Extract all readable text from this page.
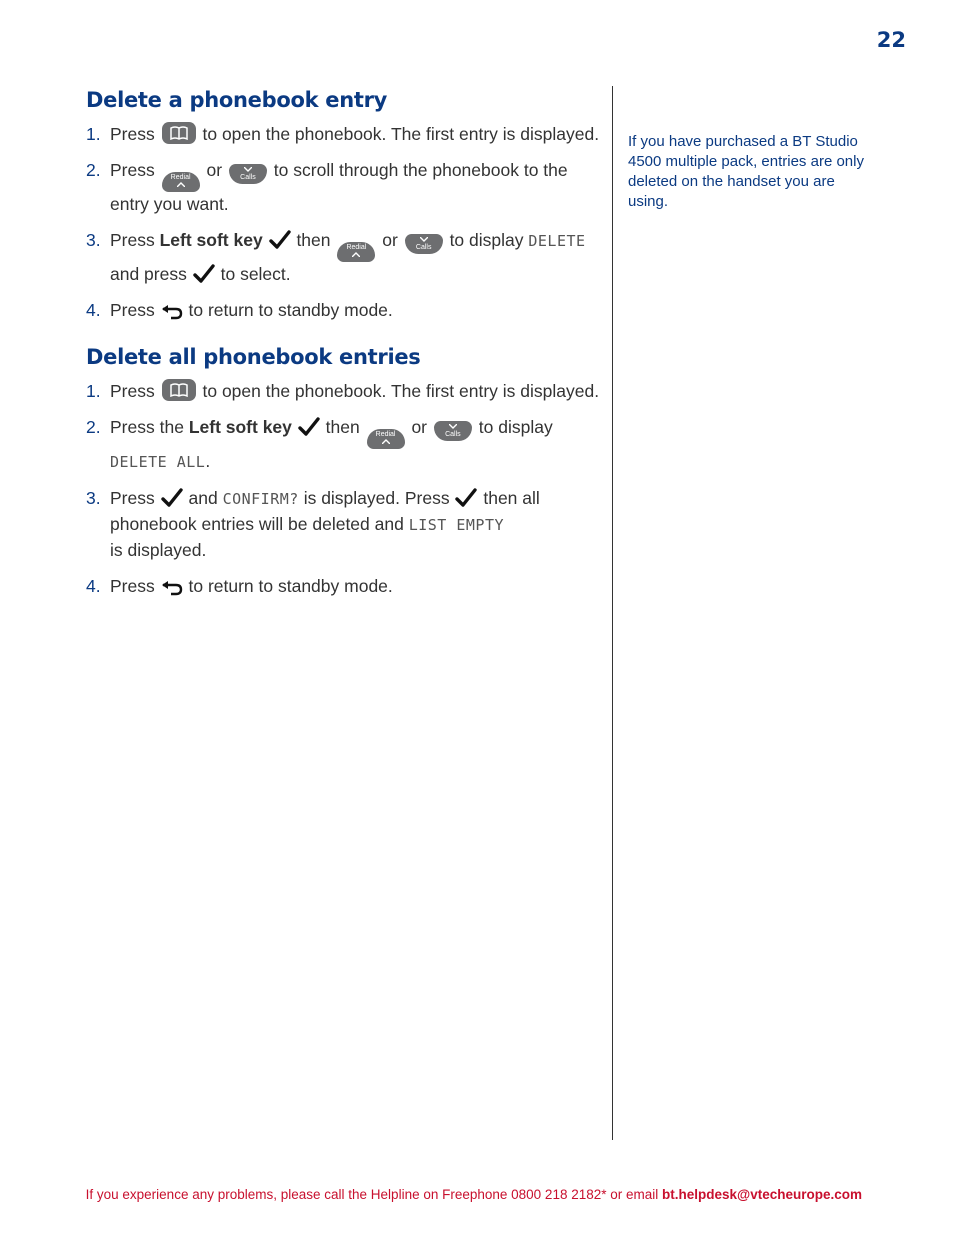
22
Delete a phonebook entry
1. Press	to open the phonebook. The first entry is displayed.
2. Press	Redial or	Calls	to scroll through the phonebook to the entry you want.
3. Press Left soft key then	Redial or	Calls	to display DELETE and press to select.
4. Press to return to standby mode.
Delete all phonebook entries
1. Press	to open the phonebook. The first entry is displayed.
2. Press the Left soft key then	Redial or	Calls	to display
DELETE ALL.
3. Press and CONFIRM? is displayed. Press then all phonebook entries will be deleted and LIST EMPTY
is displayed.
4. Press to return to standby mode.

If you have purchased a BT Studio 4500 multiple pack, entries are only deleted on the handset you are using.

If you experience any problems, please call the Helpline on Freephone 0800 218 2182* or email bt.helpdesk@vtecheurope.com
